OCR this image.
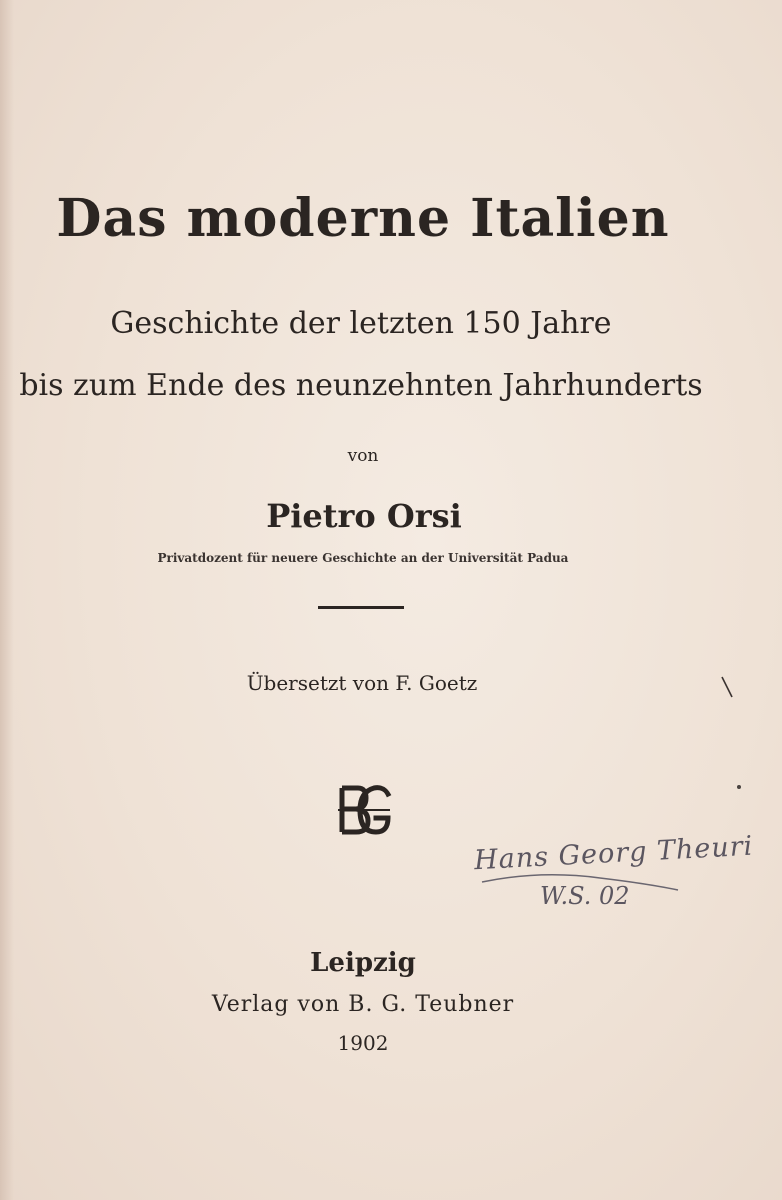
Das moderne Italien
Geschichte der letzten 150 Jahre
bis zum Ende des neunzehnten Jahrhunderts
von
Pietro Orsi
Privatdozent für neuere Geschichte an der Universität Padua
Übersetzt von F. Goetz
Hans Georg Theuri
W.S. 02
Leipzig
Verlag von B. G. Teubner
1902
